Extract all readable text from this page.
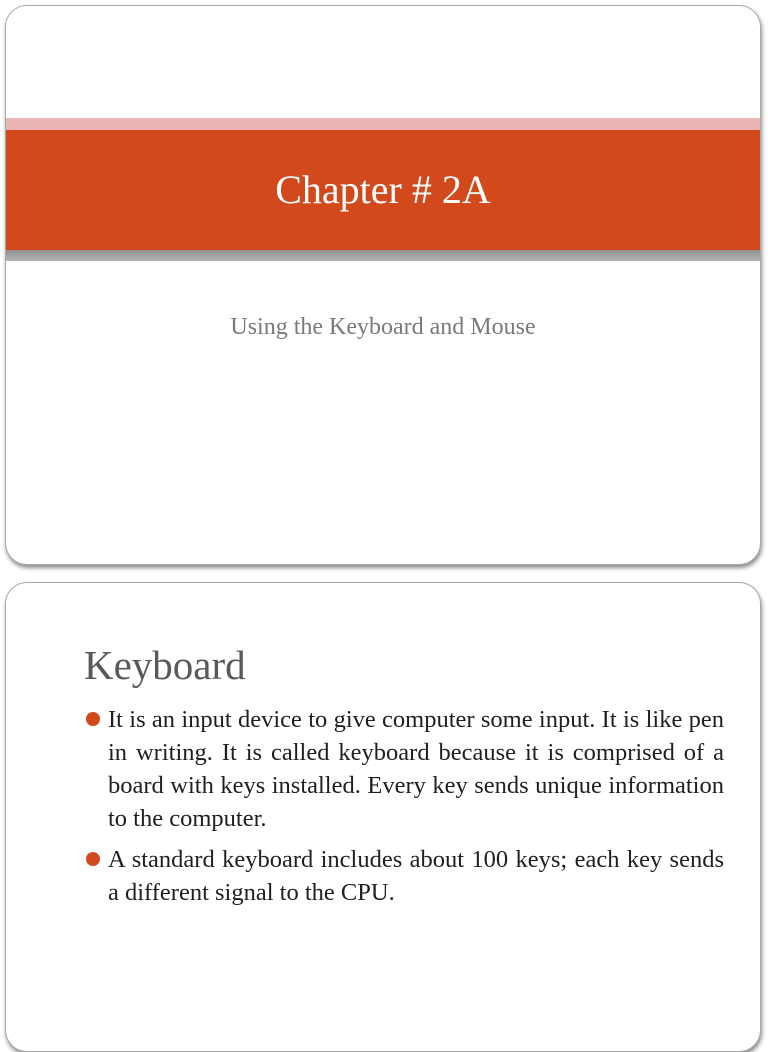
Chapter # 2A
Using the Keyboard and Mouse
Keyboard
It is an input device to give computer some input. It is like pen in writing. It is called keyboard because it is comprised of a board with keys installed. Every key sends unique information to the computer.
A standard keyboard includes about 100 keys; each key sends a different signal to the CPU.
